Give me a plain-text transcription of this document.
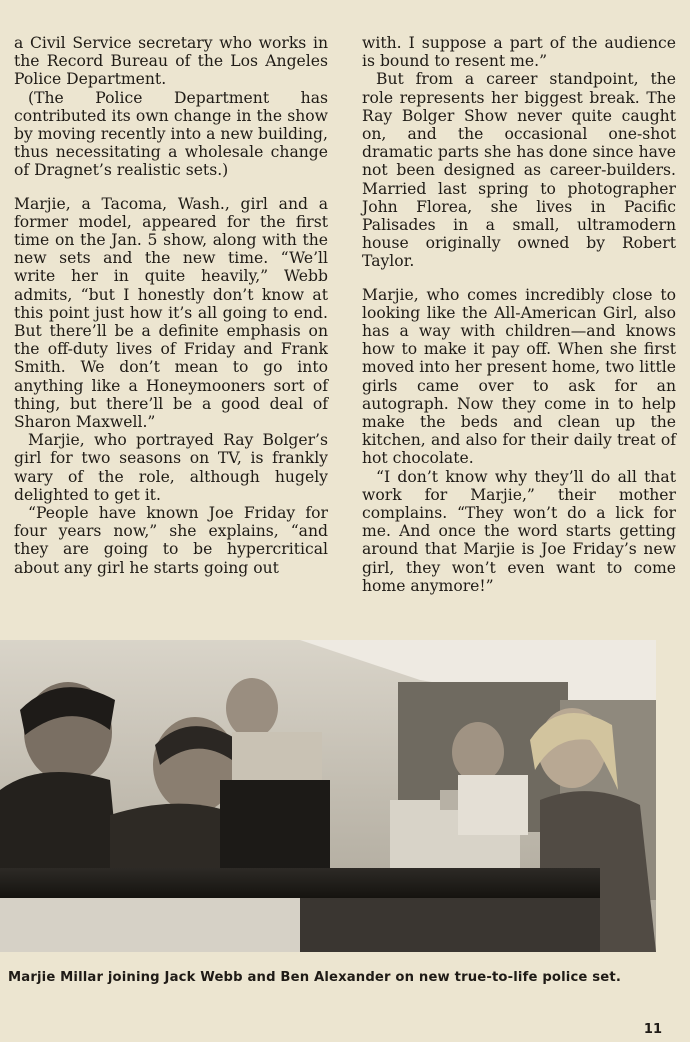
a Civil Service secretary who works in the Record Bureau of the Los Angeles Police Department.

(The Police Department has contributed its own change in the show by moving recently into a new building, thus necessitating a wholesale change of Dragnet’s realistic sets.)

Marjie, a Tacoma, Wash., girl and a former model, appeared for the first time on the Jan. 5 show, along with the new sets and the new time. “We’ll write her in quite heavily,” Webb admits, “but I honestly don’t know at this point just how it’s all going to end. But there’ll be a definite emphasis on the off-duty lives of Friday and Frank Smith. We don’t mean to go into anything like a Honeymooners sort of thing, but there’ll be a good deal of Sharon Maxwell.”

Marjie, who portrayed Ray Bolger’s girl for two seasons on TV, is frankly wary of the role, although hugely delighted to get it.

“People have known Joe Friday for four years now,” she explains, “and they are going to be hypercritical about any girl he starts going out

with. I suppose a part of the audience is bound to resent me.”

But from a career standpoint, the role represents her biggest break. The Ray Bolger Show never quite caught on, and the occasional one-shot dramatic parts she has done since have not been designed as career-builders. Married last spring to photographer John Florea, she lives in Pacific Palisades in a small, ultramodern house originally owned by Robert Taylor.

Marjie, who comes incredibly close to looking like the All-American Girl, also has a way with children—and knows how to make it pay off. When she first moved into her present home, two little girls came over to ask for an autograph. Now they come in to help make the beds and clean up the kitchen, and also for their daily treat of hot chocolate.

“I don’t know why they’ll do all that work for Marjie,” their mother complains. “They won’t do a lick for me. And once the word starts getting around that Marjie is Joe Friday’s new girl, they won’t even want to come home anymore!”

Marjie Millar joining Jack Webb and Ben Alexander on new true-to-life police set.
11
